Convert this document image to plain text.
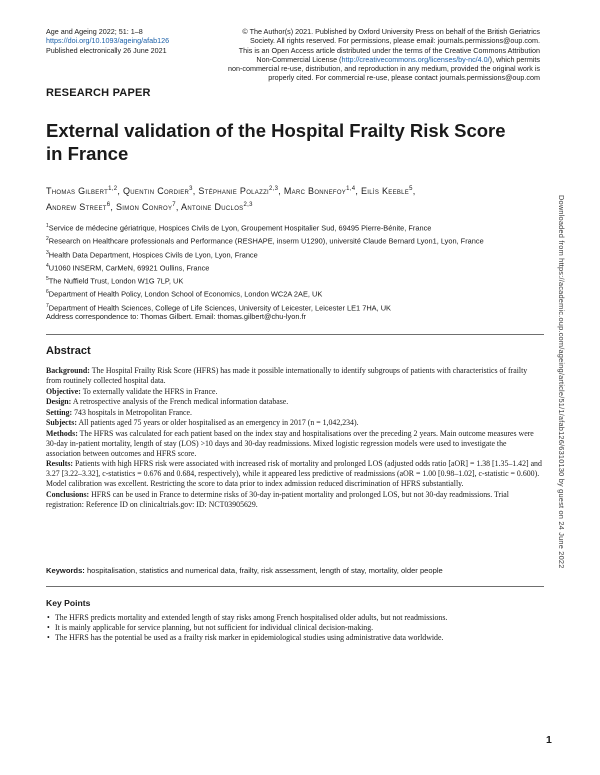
Age and Ageing 2022; 51: 1–8
https://doi.org/10.1093/ageing/afab126
Published electronically 26 June 2021
© The Author(s) 2021. Published by Oxford University Press on behalf of the British Geriatrics
Society. All rights reserved. For permissions, please email: journals.permissions@oup.com.
This is an Open Access article distributed under the terms of the Creative Commons Attribution
Non-Commercial License (http://creativecommons.org/licenses/by-nc/4.0/), which permits
non-commercial re-use, distribution, and reproduction in any medium, provided the original work is
properly cited. For commercial re-use, please contact journals.permissions@oup.com
RESEARCH PAPER
External validation of the Hospital Frailty Risk Score in France
Thomas Gilbert$^{1,2}$, Quentin Cordier$^3$, Stéphanie Polazzi$^{2,3}$, Marc Bonnefoy$^{1,4}$, Eilìs Keeble$^5$,
Andrew Street$^6$, Simon Conroy$^7$, Antoine Duclos$^{2,3}$
$^1$Service de médecine gériatrique, Hospices Civils de Lyon, Groupement Hospitalier Sud, 69495 Pierre-Bénite, France
$^2$Research on Healthcare professionals and Performance (RESHAPE, inserm U1290), université Claude Bernard Lyon1, Lyon, France
$^3$Health Data Department, Hospices Civils de Lyon, Lyon, France
$^4$U1060 INSERM, CarMeN, 69921 Oullins, France
$^5$The Nuffield Trust, London W1G 7LP, UK
$^6$Department of Health Policy, London School of Economics, London WC2A 2AE, UK
$^7$Department of Health Sciences, College of Life Sciences, University of Leicester, Leicester LE1 7HA, UK
Address correspondence to: Thomas Gilbert. Email: thomas.gilbert@chu-lyon.fr
Abstract

Background: The Hospital Frailty Risk Score (HFRS) has made it possible internationally to identify subgroups of patients with characteristics of frailty from routinely collected hospital data.

Objective: To externally validate the HFRS in France.

Design: A retrospective analysis of the French medical information database.

Setting: 743 hospitals in Metropolitan France.

Subjects: All patients aged 75 years or older hospitalised as an emergency in 2017 (n = 1,042,234).

Methods: The HFRS was calculated for each patient based on the index stay and hospitalisations over the preceding 2 years. Main outcome measures were 30-day in-patient mortality, length of stay (LOS) >10 days and 30-day readmissions. Mixed logistic regression models were used to investigate the association between outcomes and HFRS score.

Results: Patients with high HFRS risk were associated with increased risk of mortality and prolonged LOS (adjusted odds ratio [aOR] = 1.38 [1.35–1.42] and 3.27 [3.22–3.32], c-statistics = 0.676 and 0.684, respectively), while it appeared less predictive of readmissions (aOR = 1.00 [0.98–1.02], c-statistic = 0.600). Model calibration was excellent. Restricting the score to data prior to index admission reduced discrimination of HFRS substantially.

Conclusions: HFRS can be used in France to determine risks of 30-day in-patient mortality and prolonged LOS, but not 30-day readmissions. Trial registration: Reference ID on clinicaltrials.gov: ID: NCT03905629.

Keywords: hospitalisation, statistics and numerical data, frailty, risk assessment, length of stay, mortality, older people
Key Points
• The HFRS predicts mortality and extended length of stay risks among French hospitalised older adults, but not readmissions.
• It is mainly applicable for service planning, but not sufficient for individual clinical decision-making.
• The HFRS has the potential be used as a frailty risk marker in epidemiological studies using administrative data worldwide.
Downloaded from https://academic.oup.com/ageing/article/51/1/afab126/6310130 by guest on 24 June 2022
1
